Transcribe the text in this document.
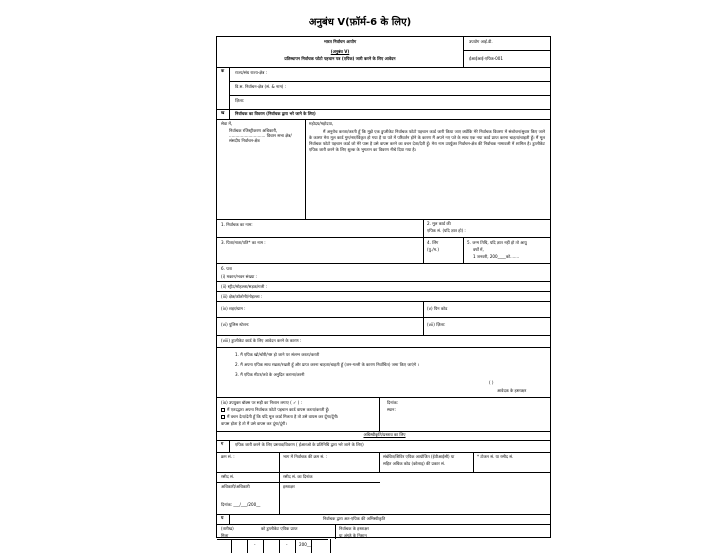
अनुबंध V(फ़ॉर्म-6 के लिए)
भारत निर्वाचन आयोग
(अनुबंध V)
प्रतिस्थापन निर्वाचक फोटो पहचान पत्र (एपिक) जारी करने के लिए आवेदन
उपयोग आई.डी.
ईआईआई-एपिक-001
क	राज्य/संघ राज्य-क्षेत्र :
वि.स. निर्वाचन-क्षेत्र (सं. & नाम) :
ज़िला:
ख	निर्वाचक का विवरण (निर्वाचक द्वारा भरे जाने के लिए)
सेवा में,
निर्वाचक रजिस्ट्रीकरण अधिकारी, ............................ विधान सभा क्षेत्र/संसदीय निर्वाचन-क्षेत्र
महोदय/महोदया,
मैं अनुरोध करता/करती हूँ कि मुझे एक डुप्लीकेट निर्वाचक फोटो पहचान कार्ड जारी किया जाए क्योंकि मेरे निर्वाचक विवरण में संशोधन/सुधार किए जाने के कारण मेरा मूल कार्ड गुम/नष्ट/विकृत हो गया है या पते में परिवर्तन होने के कारण मैं अपने नए पते के साथ एक नया कार्ड प्राप्त करना चाहता/चाहती हूँ। मैं मूल निर्वाचक फोटो पहचान कार्ड जो मेरे पास है उसे वापस करने का वचन देता/देती हूँ। मेरा नाम उपर्युक्त निर्वाचन-क्षेत्र की निर्वाचक नामावली में शामिल है। डुप्लीकेट एपिक जारी करने के लिए शुल्क के भुगतान का विवरण नीचे दिया गया है।
1. निर्वाचक का नाम:	2. मूल कार्ड की
एपिक सं. (यदि ज्ञात हो) :
3. पिता/माता/पति* का नाम :	4. लिंग
(पु./म.)
5. जन्म तिथि, यदि ज्ञात नहीं हो तो आयु
वर्षों में,
1 जनवरी, 200____को.......
6. पता
(i) मकान/भवन संख्या :
(ii) स्ट्रीट/मोहल्ला/सड़क/गली :
(iii) क्षेत्र/कॉलोनी/मोहल्ला :
(iv) शहर/ग्राम :	(v) पिन कोड
(vi) पुलिस स्टेशन:	(vii) ज़िला:
(viii) डुप्लीकेट कार्ड के लिए आवेदन करने के कारण :
1. मैं एपिक खो/चोरी/नष्ट हो जाने पर संलग्न करता/करती
2. मैं अपना एपिक साथ रखता/रखती हूँ और प्राप्त करना चाहता/चाहती हूँ (जन-गल्ती के कारण निर्वाचित) जमा किए जाएंगे ।
3. मैं एपिक मीटर/लवे के अनुदित कराना/करनी
( )
आवेदक के हस्ताक्षर
(ix) उपयुक्त बॉक्स पर सही का निशान लगाए ( ✓ ) :
मैं एतदद्वारा अपना निर्वाचक फोटो पहचान कार्ड वापस करता/करती हूँ।
मैं वचन देता/देती हूँ कि यदि मूल कार्ड मिलता है तो उसे वापस कर दूँगा/दूँगी।
वापस होता है तो मैं उसे वापस कर दूंगा/दूंगी।
दिनांक:
स्थान:
अधिस्वीकृति/प्रस्ताव का लिए
ग	एपिक जारी करने के लिए प्रस्ताव/विवरण ( ईआरओ के प्रतिनिधि द्वारा भरे जाने के लिए)
क्रम सं. :	भाग में निर्वाचक की क्रम सं. :	संबंधित/शिविर एपिक आयोजित (ईपीआईसी) या
सहित अधिक कोड (कोलाइ) की प्रकार सं.
* टोकन सं. या रसीद सं.
रसीद सं.	रसीद सं. का दिनांक
अधिकारी/अधिकारी	हस्ताक्षर
दिनांक: ___/___/200__
घ	निर्वाचक द्वारा अत-एपिक की अभिस्वीकृति
(तारीख)
मिला
को डुप्लीकेट एपिक प्राप्त	निर्वाचक के हस्ताक्षर
या अंगूठे के निशान
-	-	200__
